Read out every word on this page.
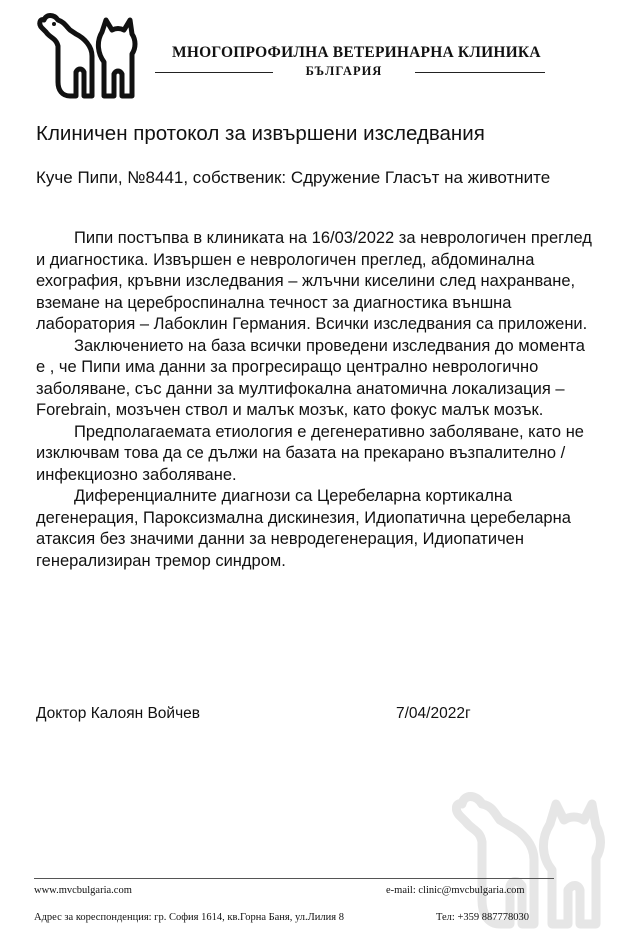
МНОГОПРОФИЛНА ВЕТЕРИНАРНА КЛИНИКА
БЪЛГАРИЯ
Клиничен протокол за извършени изследвания
Куче Пипи, №8441, собственик: Сдружение Гласът на животните

Пипи постъпва в клиниката на 16/03/2022 за неврологичен преглед и диагностика. Извършен е неврологичен преглед, абдоминална ехография, кръвни изследвания – жлъчни киселини след нахранване, вземане на цереброспинална течност за диагностика външна лаборатория – Лабоклин Германия. Всички изследвания са приложени.

Заключението на база всички проведени изследвания до момента е , че Пипи има данни за прогресиращо централно неврологично заболяване, със данни за мултифокална анатомична локализация – Forebrain, мозъчен ствол и малък мозък, като фокус малък мозък.

Предполагаемата етиология е дегенеративно заболяване, като не изключвам това да се дължи на базата на прекарано възпалително / инфекциозно заболяване.

Диференциалните диагнози са Церебеларна кортикална дегенерация, Пароксизмална дискинезия, Идиопатична церебеларна атаксия без значими данни за невродегенерация, Идиопатичен генерализиран тремор синдром.

Доктор Калоян Войчев	7/04/2022г
www.mvcbulgaria.com	e-mail: clinic@mvcbulgaria.com
Адрес за кореспонденция: гр. София 1614, кв.Горна Баня, ул.Лилия 8	Тел: +359 887778030
